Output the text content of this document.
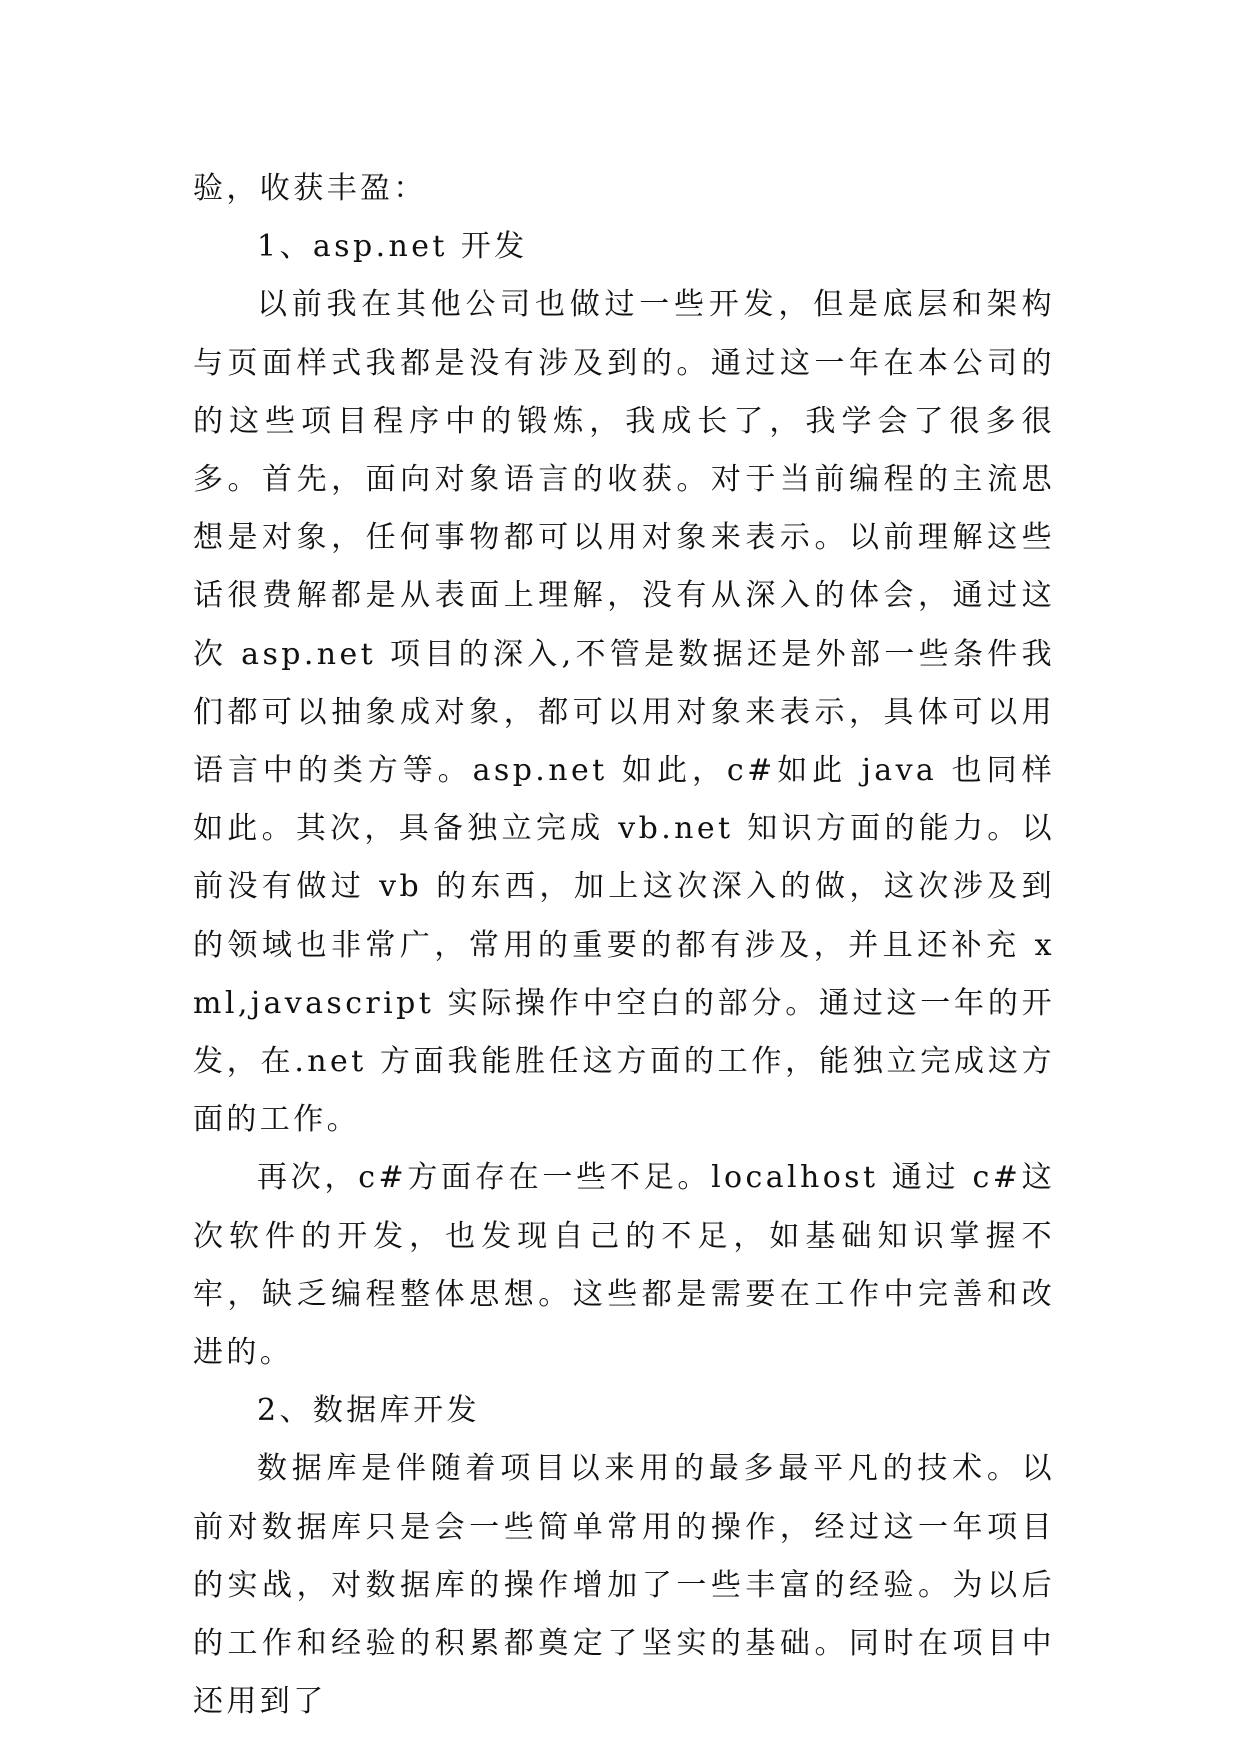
验，收获丰盈：

1、asp.net 开发

以前我在其他公司也做过一些开发，但是底层和架构与页面样式我都是没有涉及到的。通过这一年在本公司的的这些项目程序中的锻炼，我成长了，我学会了很多很多。首先，面向对象语言的收获。对于当前编程的主流思想是对象，任何事物都可以用对象来表示。以前理解这些话很费解都是从表面上理解，没有从深入的体会，通过这次 asp.net 项目的深入,不管是数据还是外部一些条件我们都可以抽象成对象，都可以用对象来表示，具体可以用语言中的类方等。asp.net 如此，c#如此 java 也同样如此。其次，具备独立完成 vb.net 知识方面的能力。以前没有做过 vb 的东西，加上这次深入的做，这次涉及到的领域也非常广，常用的重要的都有涉及，并且还补充 xml,javascript 实际操作中空白的部分。通过这一年的开发，在.net 方面我能胜任这方面的工作，能独立完成这方面的工作。

再次，c#方面存在一些不足。localhost 通过 c#这次软件的开发，也发现自己的不足，如基础知识掌握不牢，缺乏编程整体思想。这些都是需要在工作中完善和改进的。

2、数据库开发

数据库是伴随着项目以来用的最多最平凡的技术。以前对数据库只是会一些简单常用的操作，经过这一年项目的实战，对数据库的操作增加了一些丰富的经验。为以后的工作和经验的积累都奠定了坚实的基础。同时在项目中还用到了
